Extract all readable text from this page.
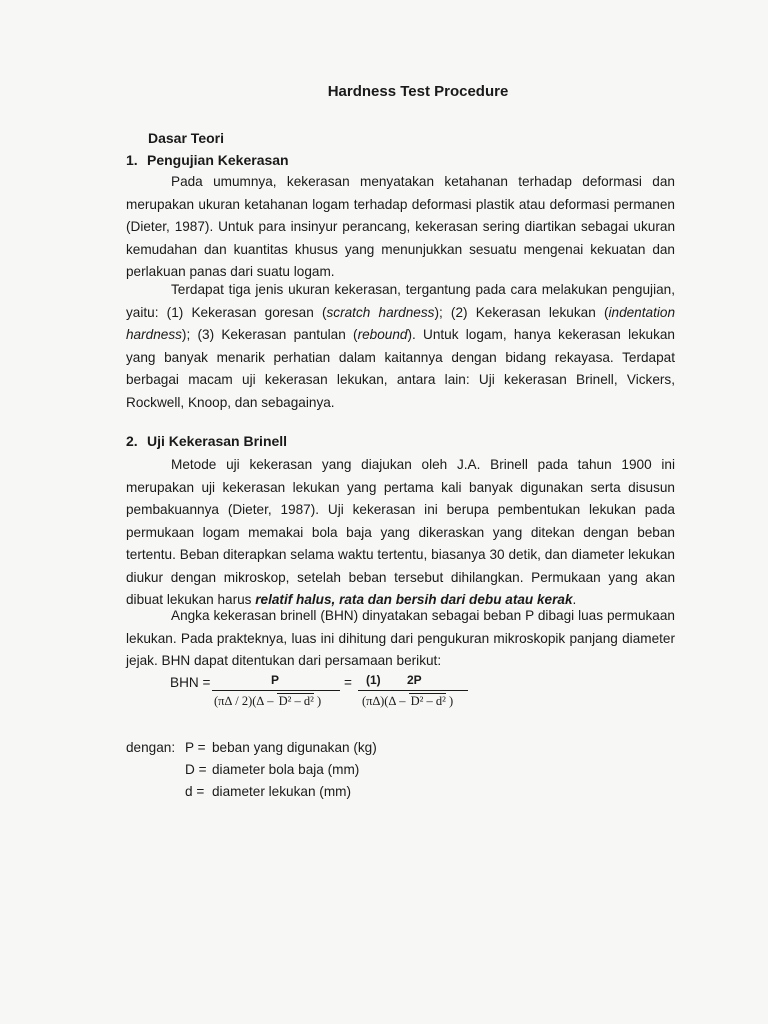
Hardness Test Procedure
Dasar Teori
1. Pengujian Kekerasan

Pada umumnya, kekerasan menyatakan ketahanan terhadap deformasi dan merupakan ukuran ketahanan logam terhadap deformasi plastik atau deformasi permanen (Dieter, 1987). Untuk para insinyur perancang, kekerasan sering diartikan sebagai ukuran kemudahan dan kuantitas khusus yang menunjukkan sesuatu mengenai kekuatan dan perlakuan panas dari suatu logam.

Terdapat tiga jenis ukuran kekerasan, tergantung pada cara melakukan pengujian, yaitu: (1) Kekerasan goresan (scratch hardness); (2) Kekerasan lekukan (indentation hardness); (3) Kekerasan pantulan (rebound). Untuk logam, hanya kekerasan lekukan yang banyak menarik perhatian dalam kaitannya dengan bidang rekayasa. Terdapat berbagai macam uji kekerasan lekukan, antara lain: Uji kekerasan Brinell, Vickers, Rockwell, Knoop, dan sebagainya.

2. Uji Kekerasan Brinell

Metode uji kekerasan yang diajukan oleh J.A. Brinell pada tahun 1900 ini merupakan uji kekerasan lekukan yang pertama kali banyak digunakan serta disusun pembakuannya (Dieter, 1987). Uji kekerasan ini berupa pembentukan lekukan pada permukaan logam memakai bola baja yang dikeraskan yang ditekan dengan beban tertentu. Beban diterapkan selama waktu tertentu, biasanya 30 detik, dan diameter lekukan diukur dengan mikroskop, setelah beban tersebut dihilangkan. Permukaan yang akan dibuat lekukan harus relatif halus, rata dan bersih dari debu atau kerak.

Angka kekerasan brinell (BHN) dinyatakan sebagai beban P dibagi luas permukaan lekukan. Pada prakteknya, luas ini dihitung dari pengukuran mikroskopik panjang diameter jejak. BHN dapat ditentukan dari persamaan berikut:

BHN =	P
(π∆ / 2)(∆ – D² – d² )
= (1) 2P
(π∆)(∆ – D² – d² )
dengan: P = beban yang digunakan (kg)
D = diameter bola baja (mm)
d = diameter lekukan (mm)
